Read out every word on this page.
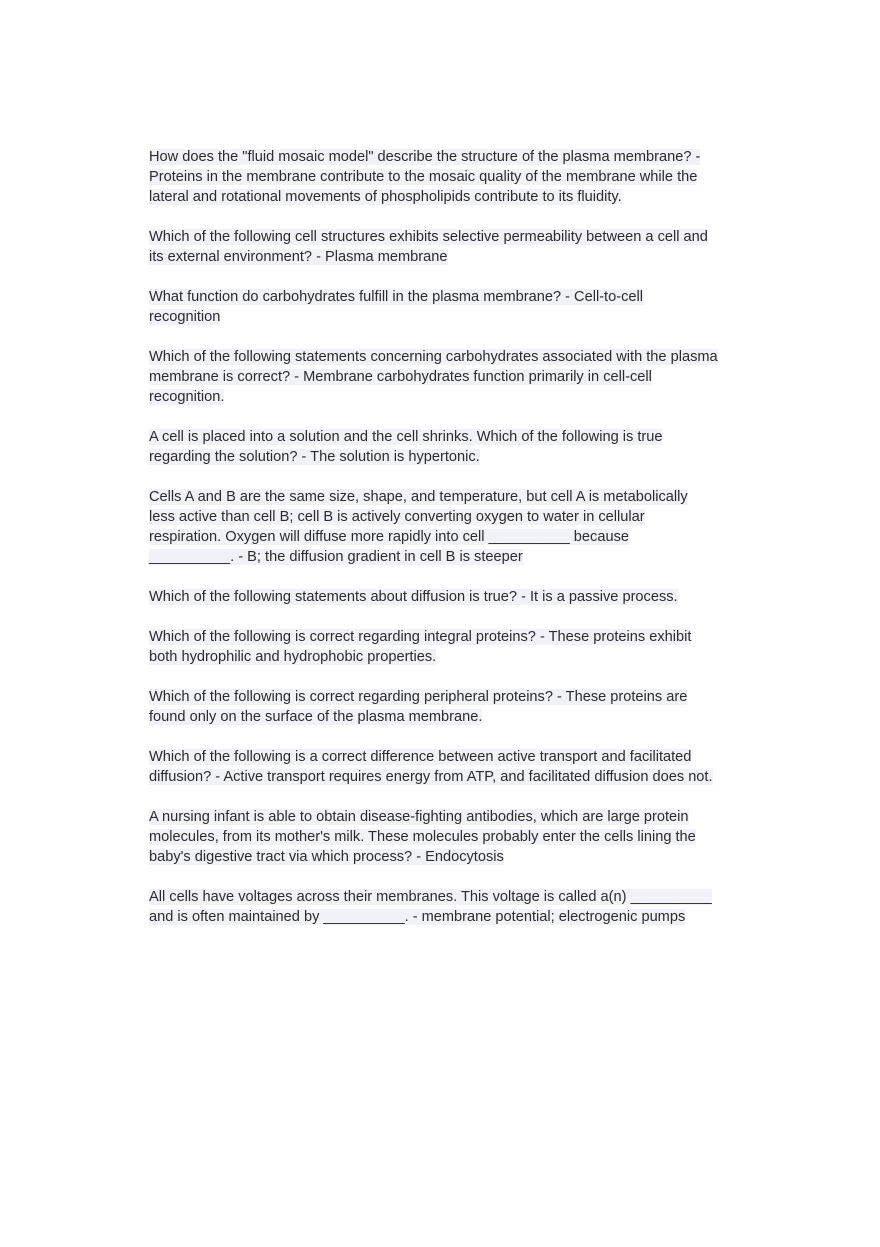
How does the "fluid mosaic model" describe the structure of the plasma membrane? -
Proteins in the membrane contribute to the mosaic quality of the membrane while the
lateral and rotational movements of phospholipids contribute to its fluidity.

Which of the following cell structures exhibits selective permeability between a cell and
its external environment? - Plasma membrane

What function do carbohydrates fulfill in the plasma membrane? - Cell-to-cell
recognition

Which of the following statements concerning carbohydrates associated with the plasma
membrane is correct? - Membrane carbohydrates function primarily in cell-cell
recognition.

A cell is placed into a solution and the cell shrinks. Which of the following is true
regarding the solution? - The solution is hypertonic.

Cells A and B are the same size, shape, and temperature, but cell A is metabolically
less active than cell B; cell B is actively converting oxygen to water in cellular
respiration. Oxygen will diffuse more rapidly into cell __________ because
__________. - B; the diffusion gradient in cell B is steeper

Which of the following statements about diffusion is true? - It is a passive process.

Which of the following is correct regarding integral proteins? - These proteins exhibit
both hydrophilic and hydrophobic properties.

Which of the following is correct regarding peripheral proteins? - These proteins are
found only on the surface of the plasma membrane.

Which of the following is a correct difference between active transport and facilitated
diffusion? - Active transport requires energy from ATP, and facilitated diffusion does not.

A nursing infant is able to obtain disease-fighting antibodies, which are large protein
molecules, from its mother's milk. These molecules probably enter the cells lining the
baby's digestive tract via which process? - Endocytosis

All cells have voltages across their membranes. This voltage is called a(n) __________
and is often maintained by __________. - membrane potential; electrogenic pumps
